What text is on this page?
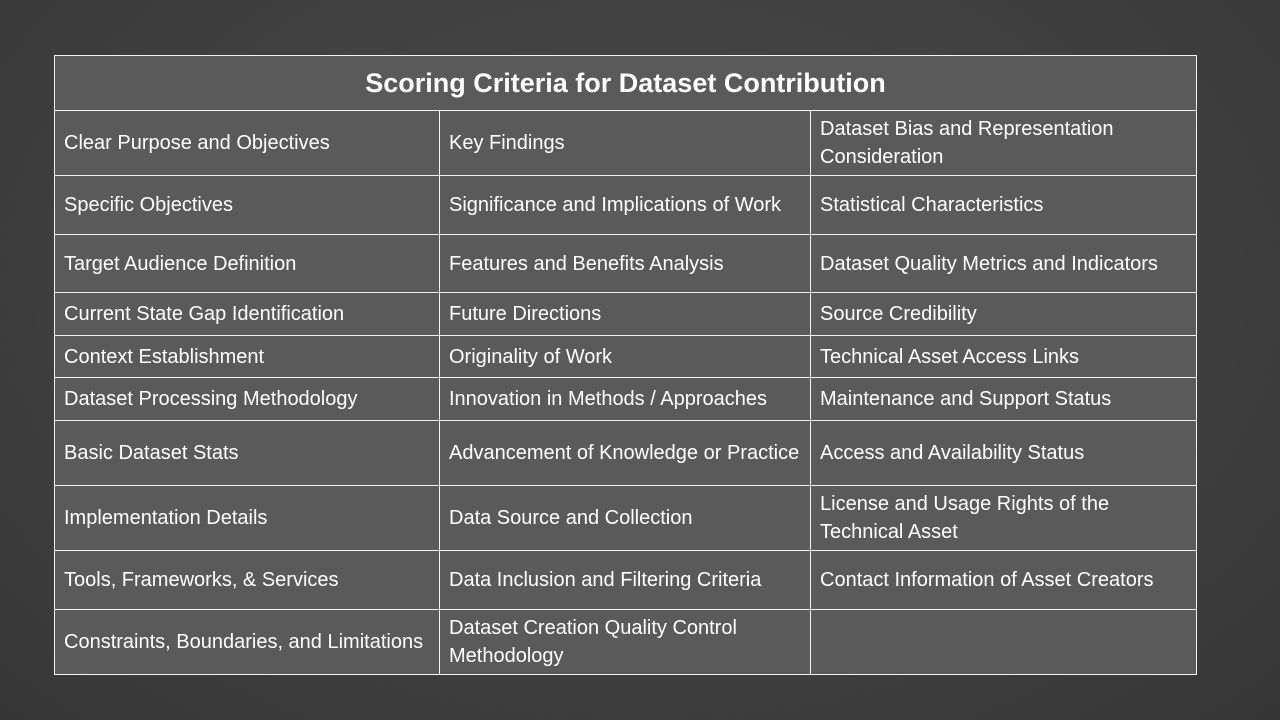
Scoring Criteria for Dataset Contribution		
Clear Purpose and Objectives	Key Findings	Dataset Bias and Representation Consideration
Specific Objectives	Significance and Implications of Work	Statistical Characteristics
Target Audience Definition	Features and Benefits Analysis	Dataset Quality Metrics and Indicators
Current State Gap Identification	Future Directions	Source Credibility
Context Establishment	Originality of Work	Technical Asset Access Links
Dataset Processing Methodology	Innovation in Methods / Approaches	Maintenance and Support Status
Basic Dataset Stats	Advancement of Knowledge or Practice	Access and Availability Status
Implementation Details	Data Source and Collection	License and Usage Rights of the Technical Asset
Tools, Frameworks, & Services	Data Inclusion and Filtering Criteria	Contact Information of Asset Creators
Constraints, Boundaries, and Limitations	Dataset Creation Quality Control Methodology	
